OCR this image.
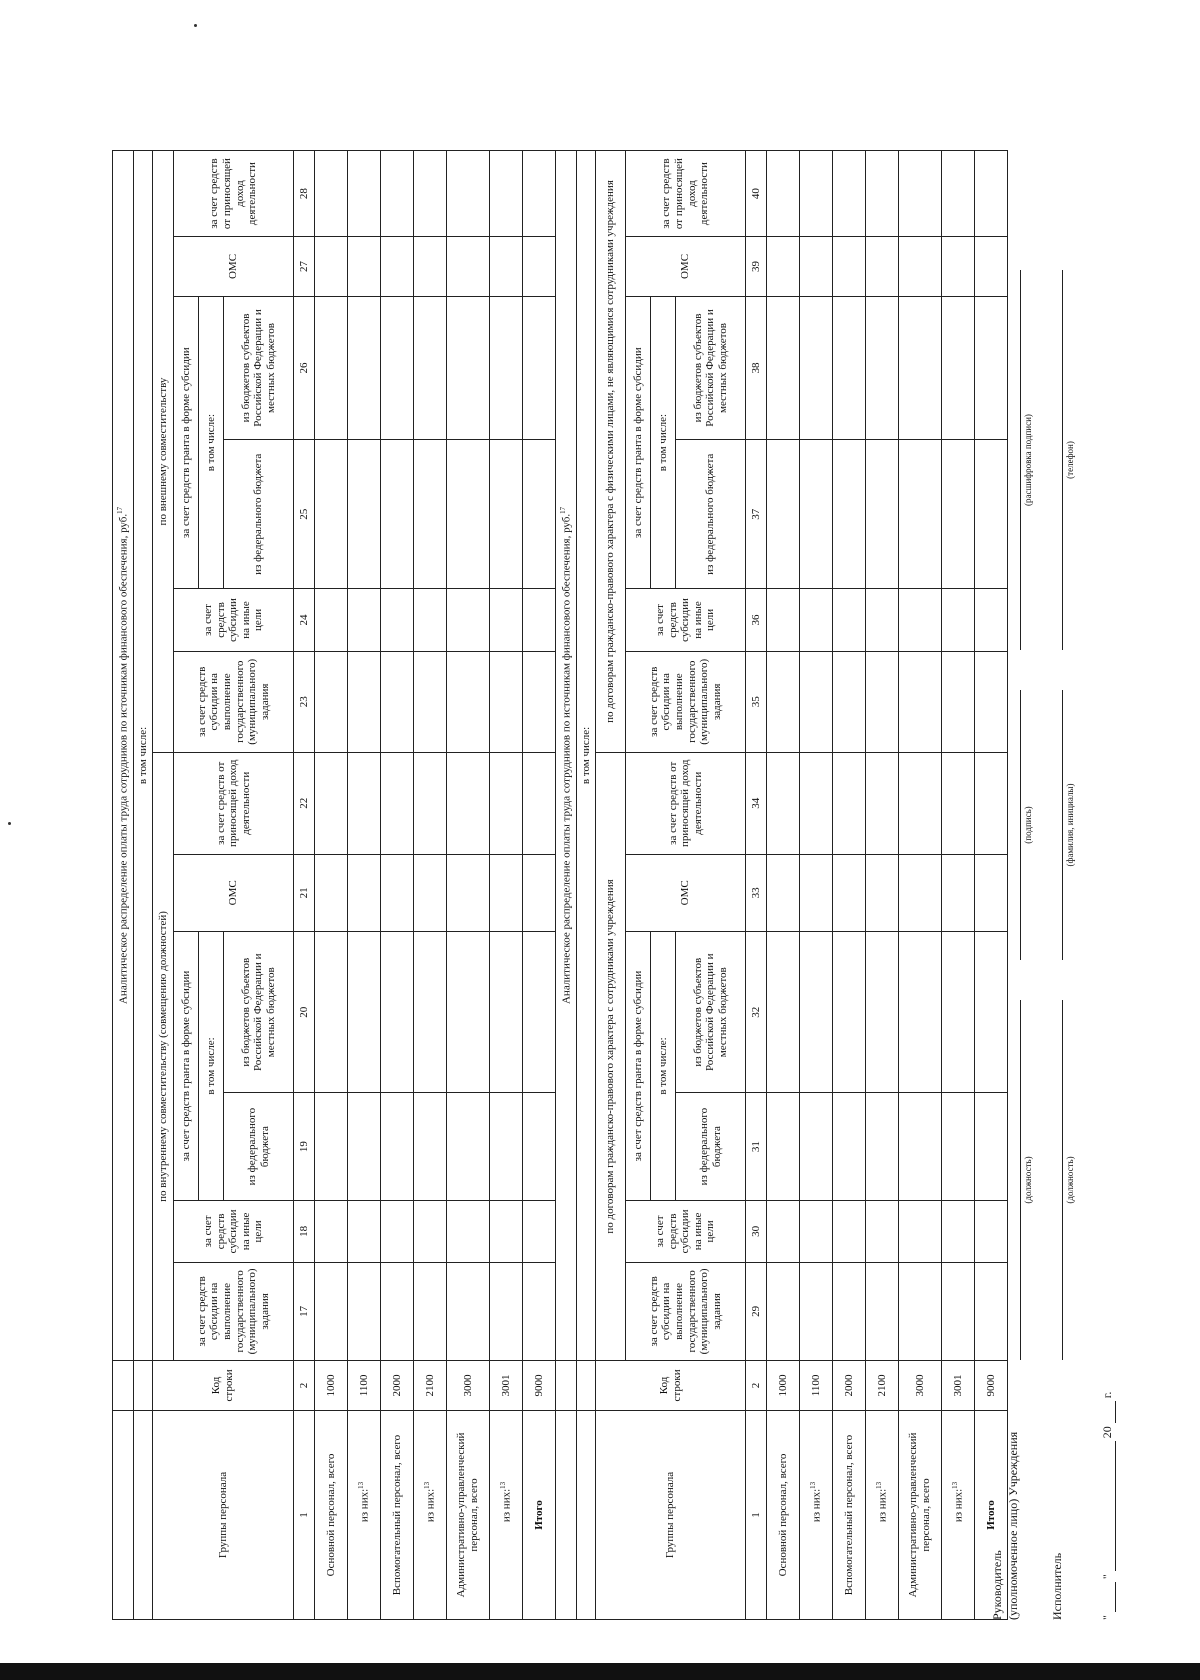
		Аналитическое распределение оплаты труда сотрудников по источникам финансового обеспечения, руб.$^{17}$
		в том числе:											
Группы персонала	Код строки	по внутреннему совместительству (совмещению должностей)						по внешнему совместительству					
		за счет средств субсидии на выполнение государственного (муниципального) задания	за счет средств субсидии на иные цели	за счет средств гранта в форме субсидии		ОМС	за счет средств от приносящей доход деятельности	за счет средств субсидии на выполнение государственного (муниципального) задания	за счет средств субсидии на иные цели	за счет средств гранта в форме субсидии		ОМС	за счет средств от приносящей доход деятельности
				в том числе:						в том числе:			
				из федерального бюджета	из бюджетов субъектов Российской Федерации и местных бюджетов					из федерального бюджета	из бюджетов субъектов Российской Федерации и местных бюджетов		
1	2	17	18	19	20	21	22	23	24	25	26	27	28
Основной персонал, всего	1000												
из них:$^{13}$	1100												
Вспомогательный персонал, всего	2000												
из них:$^{13}$	2100												
Административно-управленческий персонал, всего	3000												
из них:$^{13}$	3001												
Итого	9000												
		Аналитическое распределение оплаты труда сотрудников по источникам финансового обеспечения, руб.$^{17}$
		в том числе:											
Группы персонала	Код строки	по договорам гражданско-правового характера с сотрудниками учреждения						по договорам гражданско-правового характера с физическими лицами, не являющимися сотрудниками учреждения					
		за счет средств субсидии на выполнение государственного (муниципального) задания	за счет средств субсидии на иные цели	за счет средств гранта в форме субсидии		ОМС	за счет средств от приносящей доход деятельности	за счет средств субсидии на выполнение государственного (муниципального) задания	за счет средств субсидии на иные цели	за счет средств гранта в форме субсидии		ОМС	за счет средств от приносящей доход деятельности
				в том числе:						в том числе:			
				из федерального бюджета	из бюджетов субъектов Российской Федерации и местных бюджетов					из федерального бюджета	из бюджетов субъектов Российской Федерации и местных бюджетов		
1	2	29	30	31	32	33	34	35	36	37	38	39	40
Основной персонал, всего	1000												
из них:$^{13}$	1100												
Вспомогательный персонал, всего	2000												
из них:$^{13}$	2100												
Административно-управленческий персонал, всего	3000												
из них:$^{13}$	3001												
Итого	9000												
Руководитель (уполномоченное лицо) Учреждения
(должность)
(подпись)
(расшифровка подписи)
Исполнитель
(должность)
(фамилия, инициалы)
(телефон)
"   "   20   г.
